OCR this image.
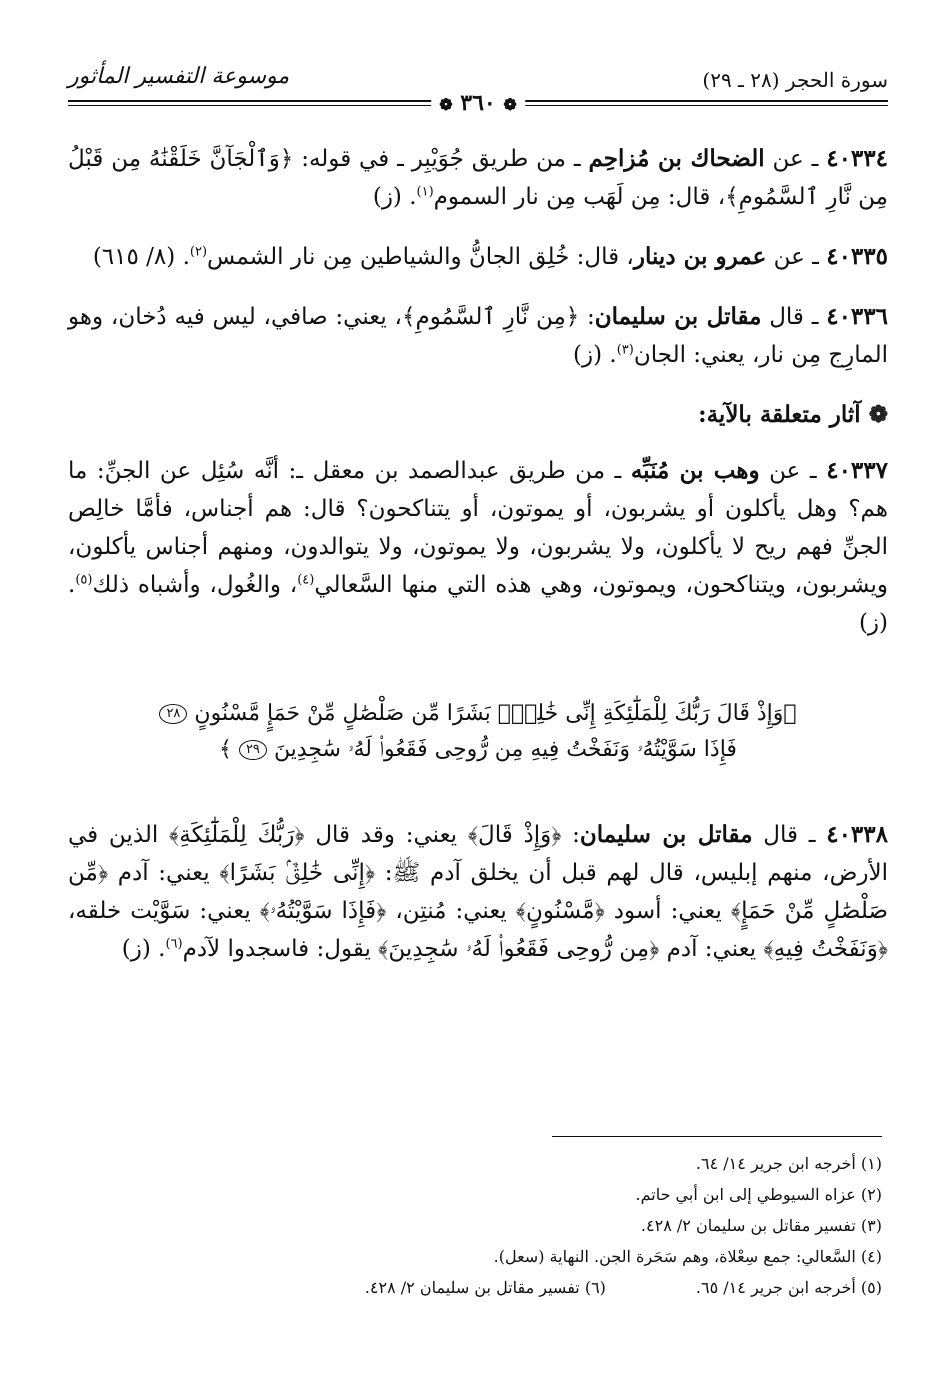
سورة الحجر (٢٨ ـ ٢٩)
موسوعة التفسير المأثور
❁ ٣٦٠ ❁

٤٠٣٣٤ ـ عن الضحاك بن مُزاحِم ـ من طريق جُوَيْبِر ـ في قوله: ﴿وَٱلْجَآنَّ خَلَقْنَٰهُ مِن قَبْلُ مِن نَّارِ ٱلسَّمُومِ﴾، قال: مِن لَهَب مِن نار السموم$^{(١)}$. (ز)

٤٠٣٣٥ ـ عن عمرو بن دينار، قال: خُلِق الجانُّ والشياطين مِن نار الشمس$^{(٢)}$. (٨/ ٦١٥)

٤٠٣٣٦ ـ قال مقاتل بن سليمان: ﴿مِن نَّارِ ٱلسَّمُومِ﴾، يعني: صافي، ليس فيه دُخان، وهو المارِج مِن نار، يعني: الجان$^{(٣)}$. (ز)

❁ آثار متعلقة بالآية:

٤٠٣٣٧ ـ عن وهب بن مُنَبِّه ـ من طريق عبدالصمد بن معقل ـ: أنَّه سُئِل عن الجنِّ: ما هم؟ وهل يأكلون أو يشربون، أو يموتون، أو يتناكحون؟ قال: هم أجناس، فأمَّا خالِص الجنِّ فهم ريح لا يأكلون، ولا يشربون، ولا يموتون، ولا يتوالدون، ومنهم أجناس يأكلون، ويشربون، ويتناكحون، ويموتون، وهي هذه التي منها السَّعالي$^{(٤)}$، والغُول، وأشباه ذلك$^{(٥)}$. (ز)

﴿وَإِذْ قَالَ رَبُّكَ لِلْمَلَٰٓئِكَةِ إِنِّى خَٰلِقٌۢ بَشَرًا مِّن صَلْصَٰلٍ مِّنْ حَمَإٍ مَّسْنُونٍ ٢٨
فَإِذَا سَوَّيْتُهُۥ وَنَفَخْتُ فِيهِ مِن رُّوحِى فَقَعُوا۟ لَهُۥ سَٰجِدِينَ ٢٩ ﴾

٤٠٣٣٨ ـ قال مقاتل بن سليمان: ﴿وَإِذْ قَالَ﴾ يعني: وقد قال ﴿رَبُّكَ لِلْمَلَٰٓئِكَةِ﴾ الذين في الأرض، منهم إبليس، قال لهم قبل أن يخلق آدم ﷺ: ﴿إِنِّى خَٰلِقٌۢ بَشَرًا﴾ يعني: آدم ﴿مِّن صَلْصَٰلٍ مِّنْ حَمَإٍ﴾ يعني: أسود ﴿مَّسْنُونٍ﴾ يعني: مُنتِن، ﴿فَإِذَا سَوَّيْتُهُۥ﴾ يعني: سَوَّيْت خلقه، ﴿وَنَفَخْتُ فِيهِ﴾ يعني: آدم ﴿مِن رُّوحِى فَقَعُوا۟ لَهُۥ سَٰجِدِينَ﴾ يقول: فاسجدوا لآدم$^{(٦)}$. (ز)

(١) أخرجه ابن جرير ١٤/ ٦٤.
(٢) عزاه السيوطي إلى ابن أبي حاتم.
(٣) تفسير مقاتل بن سليمان ٢/ ٤٢٨.
(٤) السَّعالي: جمع سِعْلاة، وهم سَحَرة الجن. النهاية (سعل).
(٥) أخرجه ابن جرير ١٤/ ٦٥.
(٦) تفسير مقاتل بن سليمان ٢/ ٤٢٨.
